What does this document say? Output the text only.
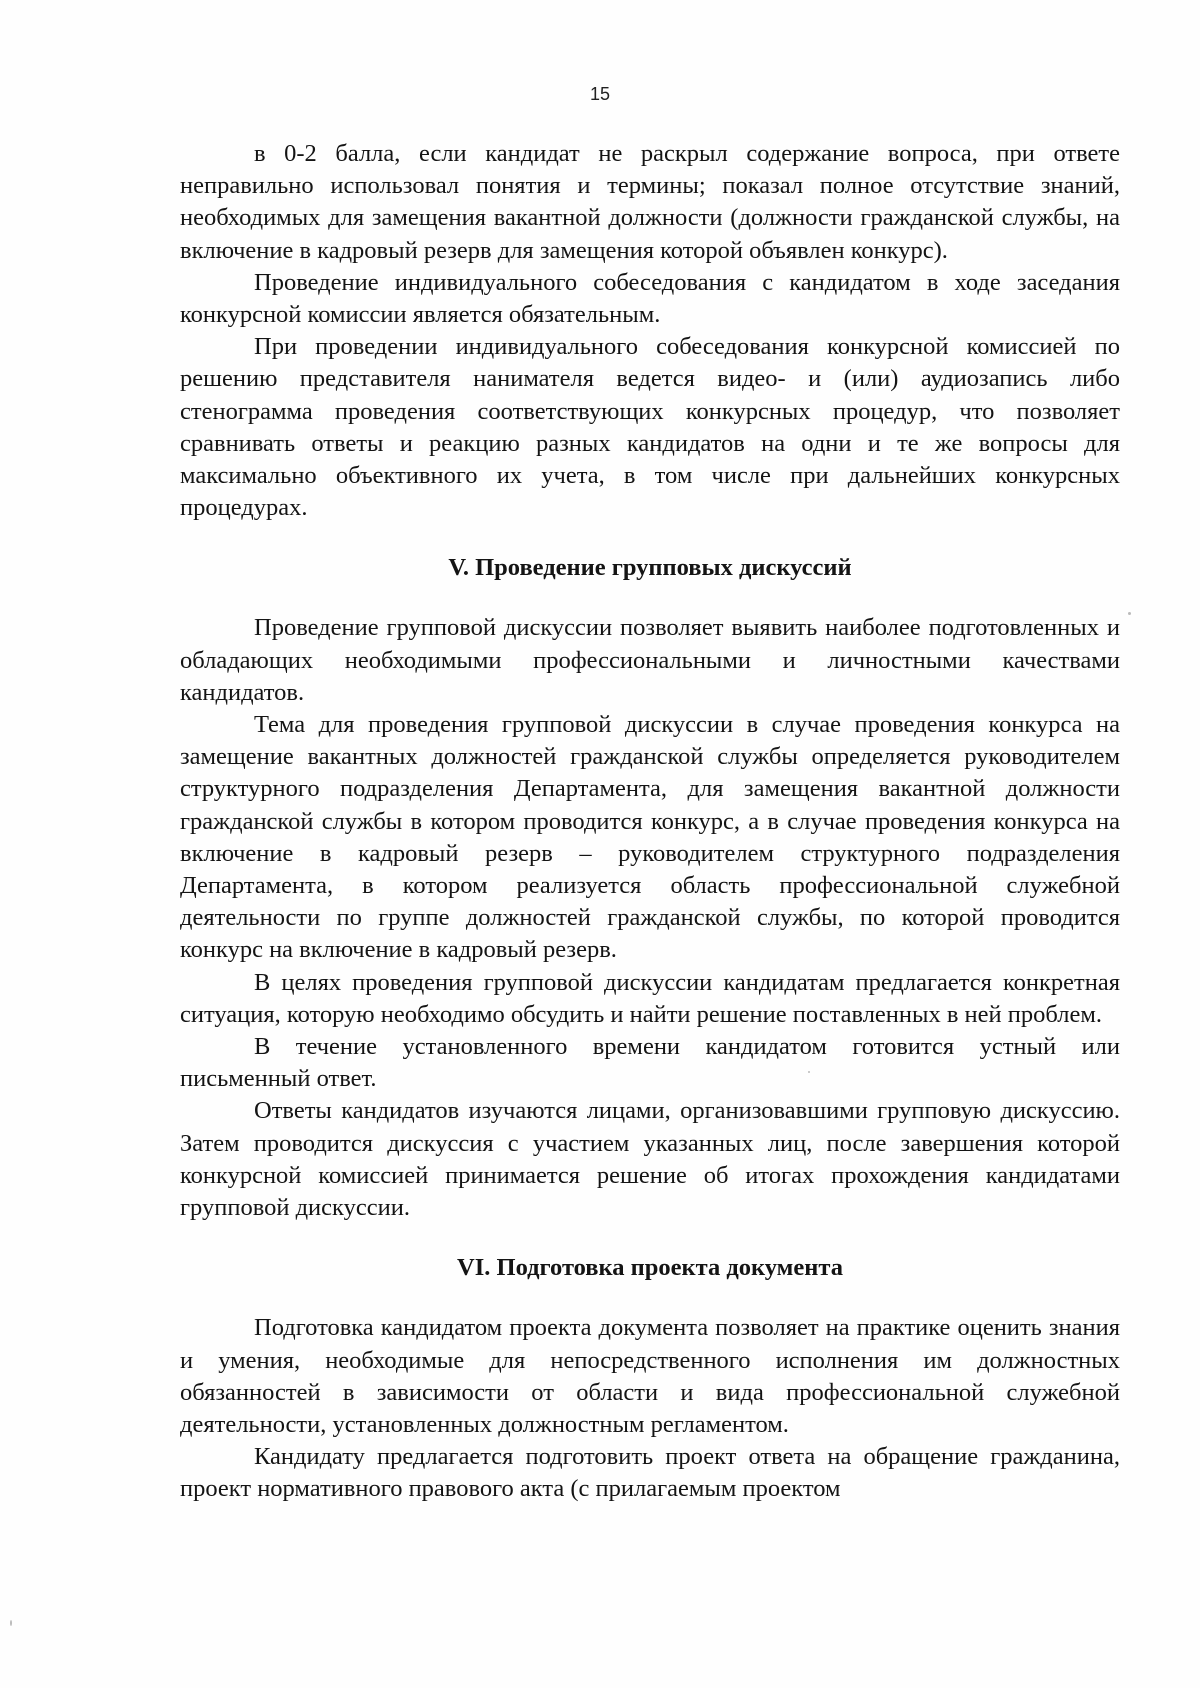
15

в 0-2 балла, если кандидат не раскрыл содержание вопроса, при ответе неправильно использовал понятия и термины; показал полное отсутствие знаний, необходимых для замещения вакантной должности (должности гражданской службы, на включение в кадровый резерв для замещения которой объявлен конкурс).

Проведение индивидуального собеседования с кандидатом в ходе заседания конкурсной комиссии является обязательным.

При проведении индивидуального собеседования конкурсной комиссией по решению представителя нанимателя ведется видео- и (или) аудиозапись либо стенограмма проведения соответствующих конкурсных процедур, что позволяет сравнивать ответы и реакцию разных кандидатов на одни и те же вопросы для максимально объективного их учета, в том числе при дальнейших конкурсных процедурах.

V. Проведение групповых дискуссий

Проведение групповой дискуссии позволяет выявить наиболее подготовленных и обладающих необходимыми профессиональными и личностными качествами кандидатов.

Тема для проведения групповой дискуссии в случае проведения конкурса на замещение вакантных должностей гражданской службы определяется руководителем структурного подразделения Департамента, для замещения вакантной должности гражданской службы в котором проводится конкурс, а в случае проведения конкурса на включение в кадровый резерв – руководителем структурного подразделения Департамента, в котором реализуется область профессиональной служебной деятельности по группе должностей гражданской службы, по которой проводится конкурс на включение в кадровый резерв.

В целях проведения групповой дискуссии кандидатам предлагается конкретная ситуация, которую необходимо обсудить и найти решение поставленных в ней проблем.

В течение установленного времени кандидатом готовится устный или письменный ответ.

Ответы кандидатов изучаются лицами, организовавшими групповую дискуссию. Затем проводится дискуссия с участием указанных лиц, после завершения которой конкурсной комиссией принимается решение об итогах прохождения кандидатами групповой дискуссии.

VI. Подготовка проекта документа

Подготовка кандидатом проекта документа позволяет на практике оценить знания и умения, необходимые для непосредственного исполнения им должностных обязанностей в зависимости от области и вида профессиональной служебной деятельности, установленных должностным регламентом.

Кандидату предлагается подготовить проект ответа на обращение гражданина, проект нормативного правового акта (с прилагаемым проектом
